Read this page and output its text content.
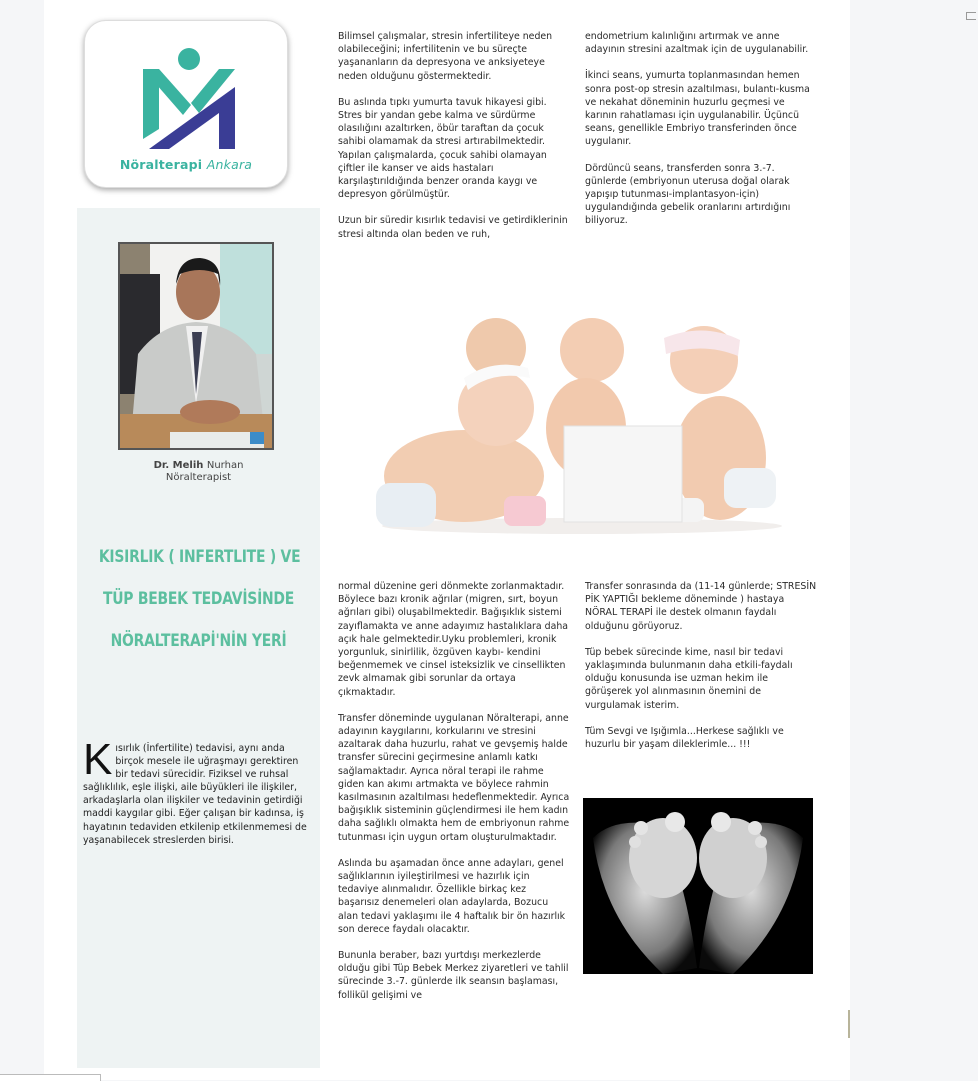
Nöralterapi Ankara
Dr. Melih Nurhan
Nöralterapist
KISIRLIK ( INFERTLITE ) VE
TÜP BEBEK TEDAVİSİNDE
NÖRALTERAPİ'NİN YERİ
Kısırlık (İnfertilite) tedavisi, aynı anda birçok mesele ile uğraşmayı gerektiren bir tedavi sürecidir. Fiziksel ve ruhsal sağlıklılık, eşle ilişki, aile büyükleri ile ilişkiler, arkadaşlarla olan ilişkiler ve tedavinin getirdiği maddi kaygılar gibi. Eğer çalışan bir kadınsa, iş hayatının tedaviden etkilenip etkilenmemesi de yaşanabilecek streslerden birisi.

Bilimsel çalışmalar, stresin infertiliteye neden olabileceğini; infertilitenin ve bu süreçte yaşananların da depresyona ve anksiyeteye neden olduğunu göstermektedir.

Bu aslında tıpkı yumurta tavuk hikayesi gibi. Stres bir yandan gebe kalma ve sürdürme olasılığını azaltırken, öbür taraftan da çocuk sahibi olamamak da stresi artırabilmektedir. Yapılan çalışmalarda, çocuk sahibi olamayan çiftler ile kanser ve aids hastaları karşılaştırıldığında benzer oranda kaygı ve depresyon görülmüştür.

Uzun bir süredir kısırlık tedavisi ve getirdiklerinin stresi altında olan beden ve ruh,

endometrium kalınlığını artırmak ve anne adayının stresini azaltmak için de uygulanabilir.

İkinci seans, yumurta toplanmasından hemen sonra post-op stresin azaltılması, bulantı-kusma ve nekahat döneminin huzurlu geçmesi ve karının rahatlaması için uygulanabilir. Üçüncü seans, genellikle Embriyo transferinden önce uygulanır.

Dördüncü seans, transferden sonra 3.-7. günlerde (embriyonun uterusa doğal olarak yapışıp tutunması-implantasyon-için) uygulandığında gebelik oranlarını artırdığını biliyoruz.

normal düzenine geri dönmekte zorlanmaktadır. Böylece bazı kronik ağrılar (migren, sırt, boyun ağrıları gibi) oluşabilmektedir. Bağışıklık sistemi zayıflamakta ve anne adayımız hastalıklara daha açık hale gelmektedir.Uyku problemleri, kronik yorgunluk, sinirlilik, özgüven kaybı- kendini beğenmemek ve cinsel isteksizlik ve cinsellikten zevk almamak gibi sorunlar da ortaya çıkmaktadır.

Transfer döneminde uygulanan Nöralterapi, anne adayının kaygılarını, korkularını ve stresini azaltarak daha huzurlu, rahat ve gevşemiş halde transfer sürecini geçirmesine anlamlı katkı sağlamaktadır. Ayrıca nöral terapi ile rahme giden kan akımı artmakta ve böylece rahmin kasılmasının azaltılması hedeflenmektedir. Ayrıca bağışıklık sisteminin güçlendirmesi ile hem kadın daha sağlıklı olmakta hem de embriyonun rahme tutunması için uygun ortam oluşturulmaktadır.

Aslında bu aşamadan önce anne adayları, genel sağlıklarının iyileştirilmesi ve hazırlık için tedaviye alınmalıdır. Özellikle birkaç kez başarısız denemeleri olan adaylarda, Bozucu alan tedavi yaklaşımı ile 4 haftalık bir ön hazırlık son derece faydalı olacaktır.

Bununla beraber, bazı yurtdışı merkezlerde olduğu gibi Tüp Bebek Merkez ziyaretleri ve tahlil sürecinde 3.-7. günlerde ilk seansın başlaması, follikül gelişimi ve

Transfer sonrasında da (11-14 günlerde; STRESİN PİK YAPTIĞI bekleme döneminde ) hastaya NÖRAL TERAPİ ile destek olmanın faydalı olduğunu görüyoruz.

Tüp bebek sürecinde kime, nasıl bir tedavi yaklaşımında bulunmanın daha etkili-faydalı olduğu konusunda ise uzman hekim ile görüşerek yol alınmasının önemini de vurgulamak isterim.

Tüm Sevgi ve Işığımla...Herkese sağlıklı ve huzurlu bir yaşam dileklerimle... !!!
